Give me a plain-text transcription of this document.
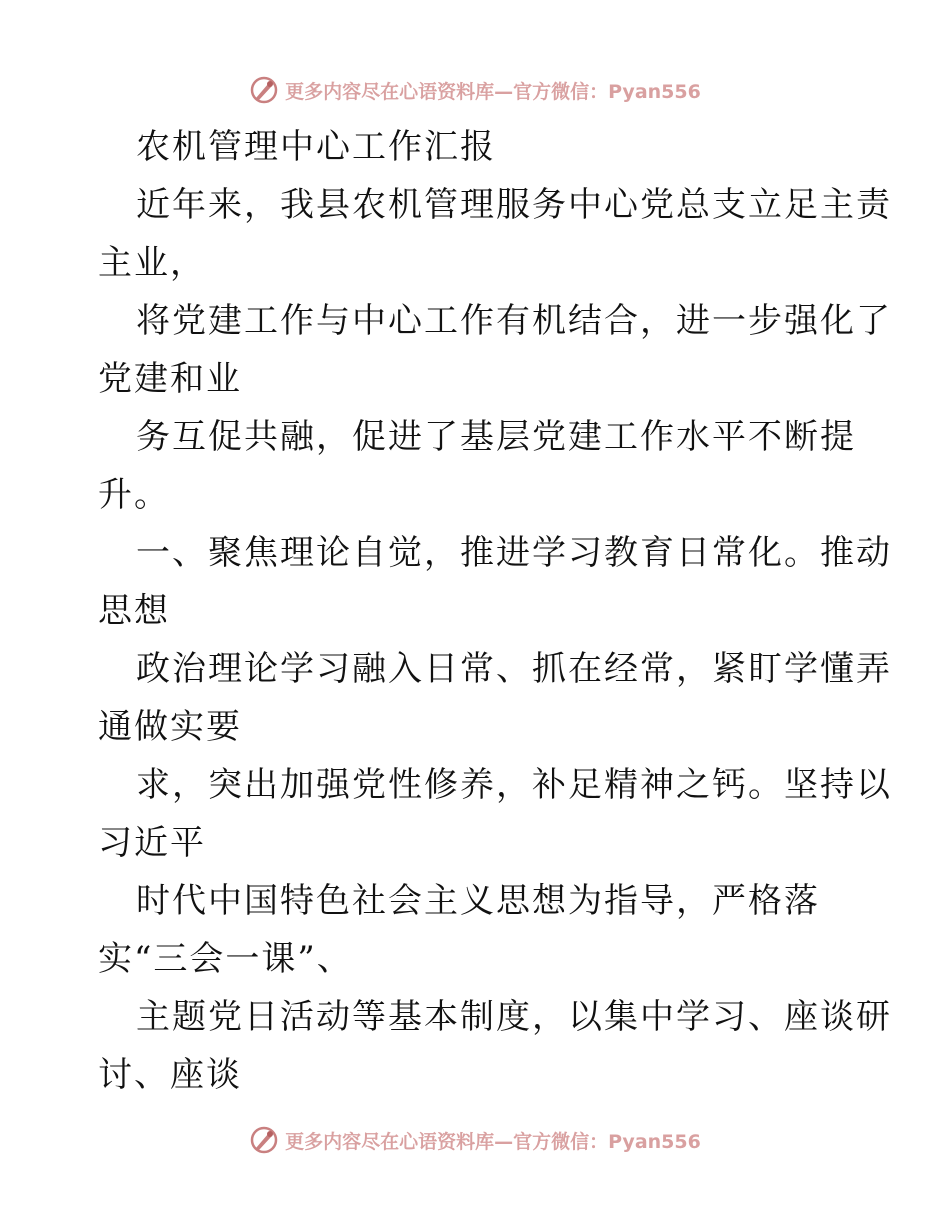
更多内容尽在心语资料库—官方微信：Pyan556
农机管理中心工作汇报
近年来，我县农机管理服务中心党总支立足主责
主业，
将党建工作与中心工作有机结合，进一步强化了
党建和业
务互促共融，促进了基层党建工作水平不断提
升。
一、聚焦理论自觉，推进学习教育日常化。推动
思想
政治理论学习融入日常、抓在经常，紧盯学懂弄
通做实要
求，突出加强党性修养，补足精神之钙。坚持以
习近平
时代中国特色社会主义思想为指导，严格落
实“三会一课”、
主题党日活动等基本制度，以集中学习、座谈研
讨、座谈
更多内容尽在心语资料库—官方微信：Pyan556
